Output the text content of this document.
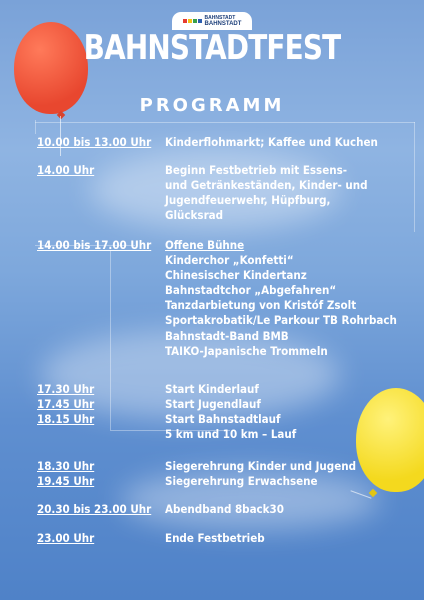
BAHNSTADT
BAHNSTADT
BAHNSTADTFEST
PROGRAMM
10.00 bis 13.00 Uhr Kinderflohmarkt; Kaffee und Kuchen
14.00 Uhr	Beginn Festbetrieb mit Essens-
und Getränkeständen, Kinder- und
Jugendfeuerwehr, Hüpfburg,
Glücksrad
14.00 bis 17.00 Uhr Offene Bühne
Kinderchor „Konfetti“
Chinesischer Kindertanz
Bahnstadtchor „Abgefahren“
Tanzdarbietung von Kristóf Zsolt
Sportakrobatik/Le Parkour TB Rohrbach
Bahnstadt-Band BMB
TAIKO-Japanische Trommeln
17.30 Uhr
17.45 Uhr
18.15 Uhr
Start Kinderlauf
Start Jugendlauf
Start Bahnstadtlauf
5 km und 10 km – Lauf
18.30 Uhr
19.45 Uhr
Siegerehrung Kinder und Jugend
Siegerehrung Erwachsene
20.30 bis 23.00 Uhr Abendband 8back30
23.00 Uhr	Ende Festbetrieb
